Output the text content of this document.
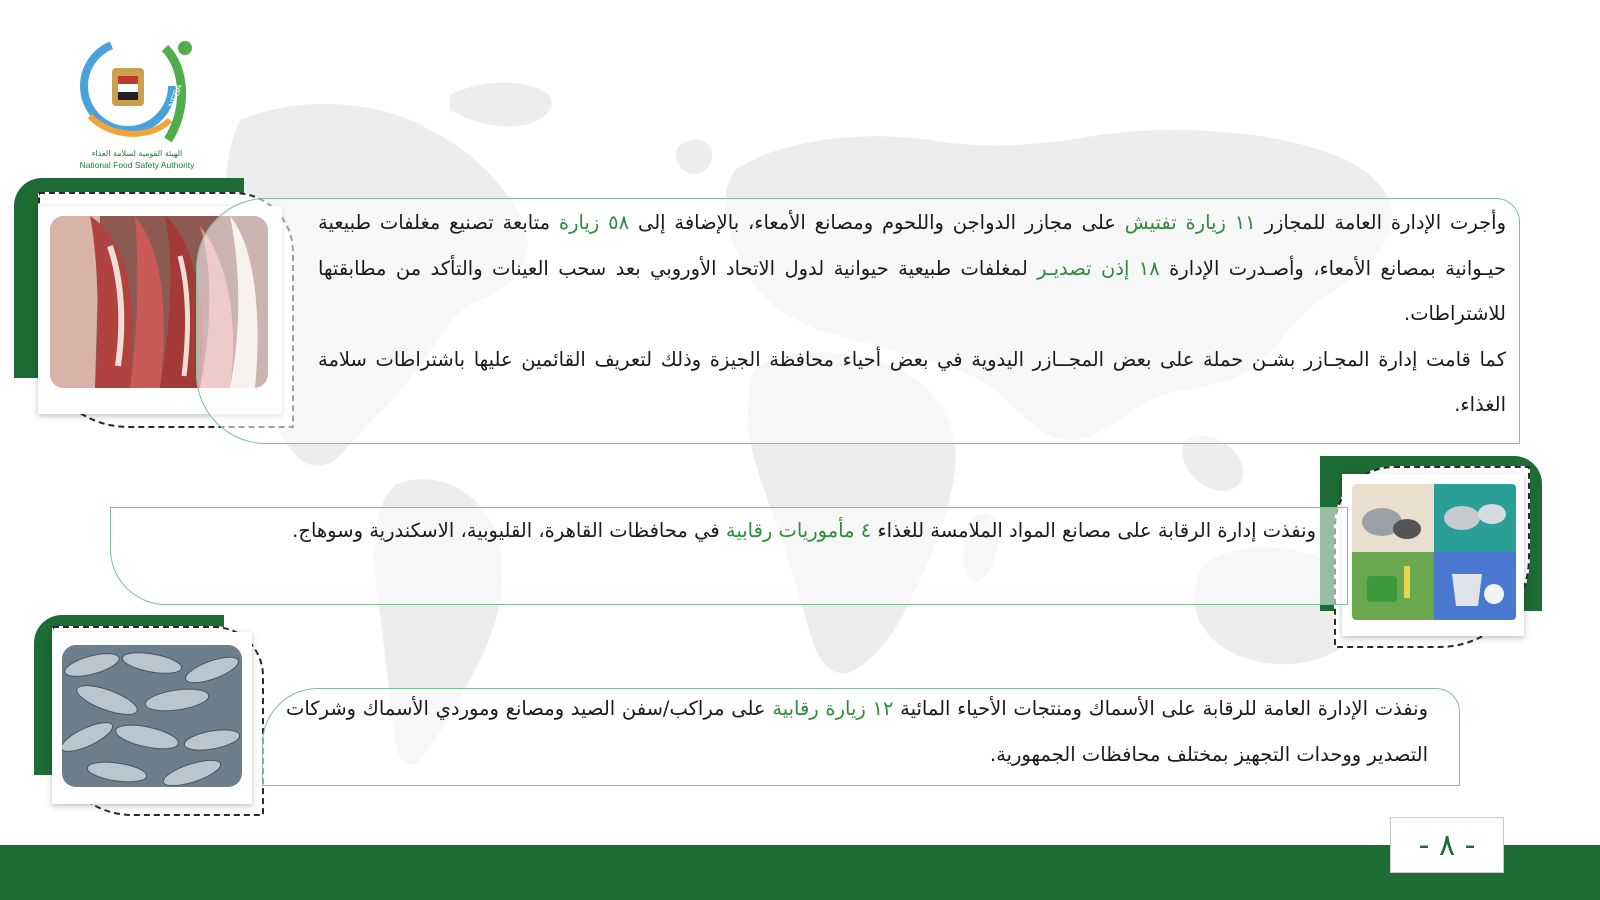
NFSA
الهيئة القومية لسلامة الغذاء
National Food Safety Authority

وأجرت الإدارة العامة للمجازر ١١ زيارة تفتيش على مجازر الدواجن واللحوم ومصانع الأمعاء، بالإضافة إلى ٥٨ زيارة متابعة تصنيع مغلفات طبيعية حيـوانية بمصانع الأمعاء، وأصـدرت الإدارة ١٨ إذن تصديـر لمغلفات طبيعية حيوانية لدول الاتحاد الأوروبي بعد سحب العينات والتأكد من مطابقتها للاشتراطات.

كما قامت إدارة المجـازر بشـن حملة على بعض المجــازر اليدوية في بعض أحياء محافظة الجيزة وذلك لتعريف القائمين عليها باشتراطات سلامة الغذاء.

ونفذت إدارة الرقابة على مصانع المواد الملامسة للغذاء ٤ مأموريات رقابية في محافظات القاهرة، القليوبية، الاسكندرية وسوهاج.

ونفذت الإدارة العامة للرقابة على الأسماك ومنتجات الأحياء المائية ١٢ زيارة رقابية على مراكب/سفن الصيد ومصانع وموردي الأسماك وشركات التصدير ووحدات التجهيز بمختلف محافظات الجمهورية.

- ٨ -
